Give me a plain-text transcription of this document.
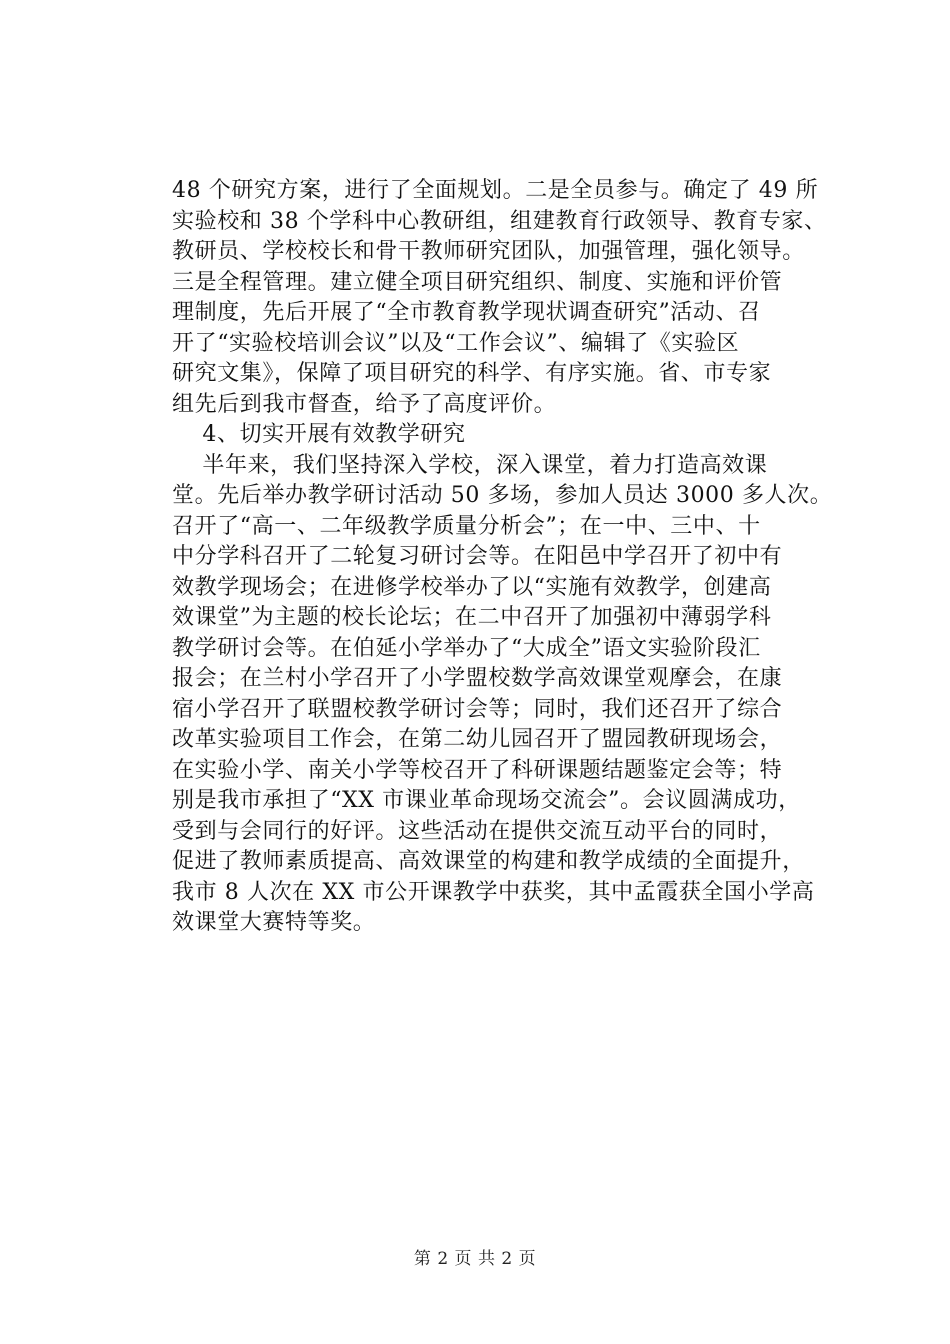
48 个研究方案，进行了全面规划。二是全员参与。确定了 49 所
实验校和 38 个学科中心教研组，组建教育行政领导、教育专家、
教研员、学校校长和骨干教师研究团队，加强管理，强化领导。
三是全程管理。建立健全项目研究组织、制度、实施和评价管
理制度，先后开展了“全市教育教学现状调查研究”活动、召
开了“实验校培训会议”以及“工作会议”、编辑了《实验区
研究文集》，保障了项目研究的科学、有序实施。省、市专家
组先后到我市督查，给予了高度评价。

4、切实开展有效教学研究

半年来，我们坚持深入学校，深入课堂，着力打造高效课
堂。先后举办教学研讨活动 50 多场，参加人员达 3000 多人次。
召开了“高一、二年级教学质量分析会”；在一中、三中、十
中分学科召开了二轮复习研讨会等。在阳邑中学召开了初中有
效教学现场会；在进修学校举办了以“实施有效教学，创建高
效课堂”为主题的校长论坛；在二中召开了加强初中薄弱学科
教学研讨会等。在伯延小学举办了“大成全”语文实验阶段汇
报会；在兰村小学召开了小学盟校数学高效课堂观摩会，在康
宿小学召开了联盟校教学研讨会等；同时，我们还召开了综合
改革实验项目工作会，在第二幼儿园召开了盟园教研现场会，
在实验小学、南关小学等校召开了科研课题结题鉴定会等；特
别是我市承担了“XX 市课业革命现场交流会”。会议圆满成功，
受到与会同行的好评。这些活动在提供交流互动平台的同时，
促进了教师素质提高、高效课堂的构建和教学成绩的全面提升，
我市 8 人次在 XX 市公开课教学中获奖，其中孟霞获全国小学高
效课堂大赛特等奖。

第 2 页 共 2 页
